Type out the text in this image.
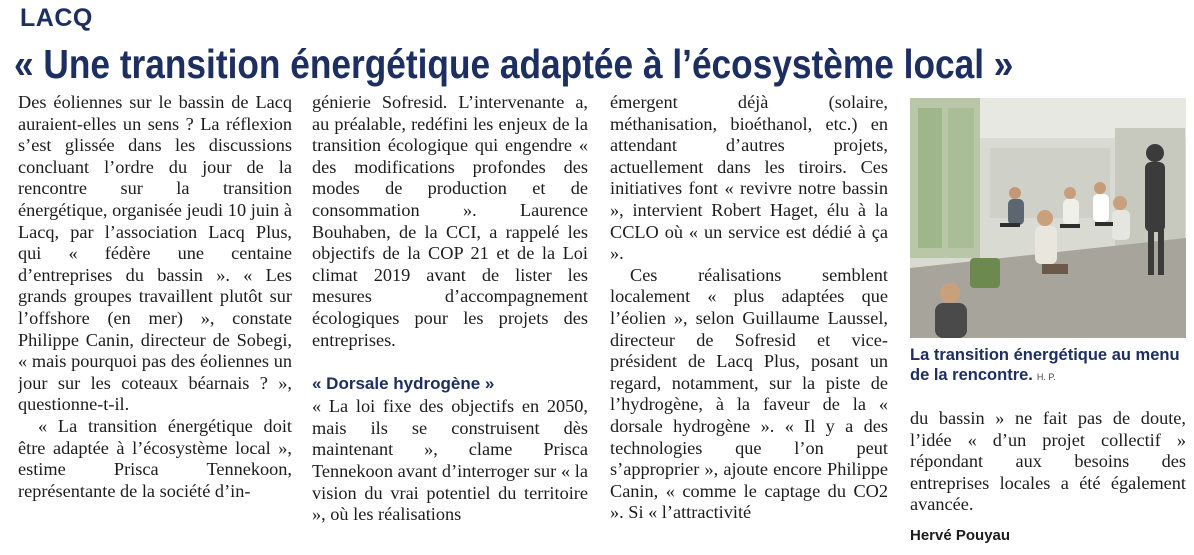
LACQ
« Une transition énergétique adaptée à l’écosystème local »

Des éoliennes sur le bassin de Lacq auraient-elles un sens ? La réflexion s’est glissée dans les discussions concluant l’ordre du jour de la rencontre sur la transition énergétique, organisée jeudi 10 juin à Lacq, par l’association Lacq Plus, qui « fédère une centaine d’entreprises du bassin ». « Les grands groupes travaillent plutôt sur l’offshore (en mer) », constate Philippe Canin, directeur de Sobegi, « mais pourquoi pas des éoliennes un jour sur les coteaux béarnais ? », questionne-t-il.

« La transition énergétique doit être adaptée à l’écosystème local », estime Prisca Tennekoon, représentante de la société d’in-

génierie Sofresid. L’intervenante a, au préalable, redéfini les enjeux de la transition écologique qui engendre « des modifications profondes des modes de production et de consommation ». Laurence Bouhaben, de la CCI, a rappelé les objectifs de la COP 21 et de la Loi climat 2019 avant de lister les mesures d’accompagnement écologiques pour les projets des entreprises.

« Dorsale hydrogène »

« La loi fixe des objectifs en 2050, mais ils se construisent dès maintenant », clame Prisca Tennekoon avant d’interroger sur « la vision du vrai potentiel du territoire », où les réalisations

émergent déjà (solaire, méthanisation, bioéthanol, etc.) en attendant d’autres projets, actuellement dans les tiroirs. Ces initiatives font « revivre notre bassin », intervient Robert Haget, élu à la CCLO où « un service est dédié à ça ».

Ces réalisations semblent localement « plus adaptées que l’éolien », selon Guillaume Laussel, directeur de Sofresid et vice-président de Lacq Plus, posant un regard, notamment, sur la piste de l’hydrogène, à la faveur de la « dorsale hydrogène ». « Il y a des technologies que l’on peut s’approprier », ajoute encore Philippe Canin, « comme le captage du CO2 ». Si « l’attractivité

La transition énergétique au menu de la rencontre. H. P.

du bassin » ne fait pas de doute, l’idée « d’un projet collectif » répondant aux besoins des entreprises locales a été également avancée.

Hervé Pouyau
